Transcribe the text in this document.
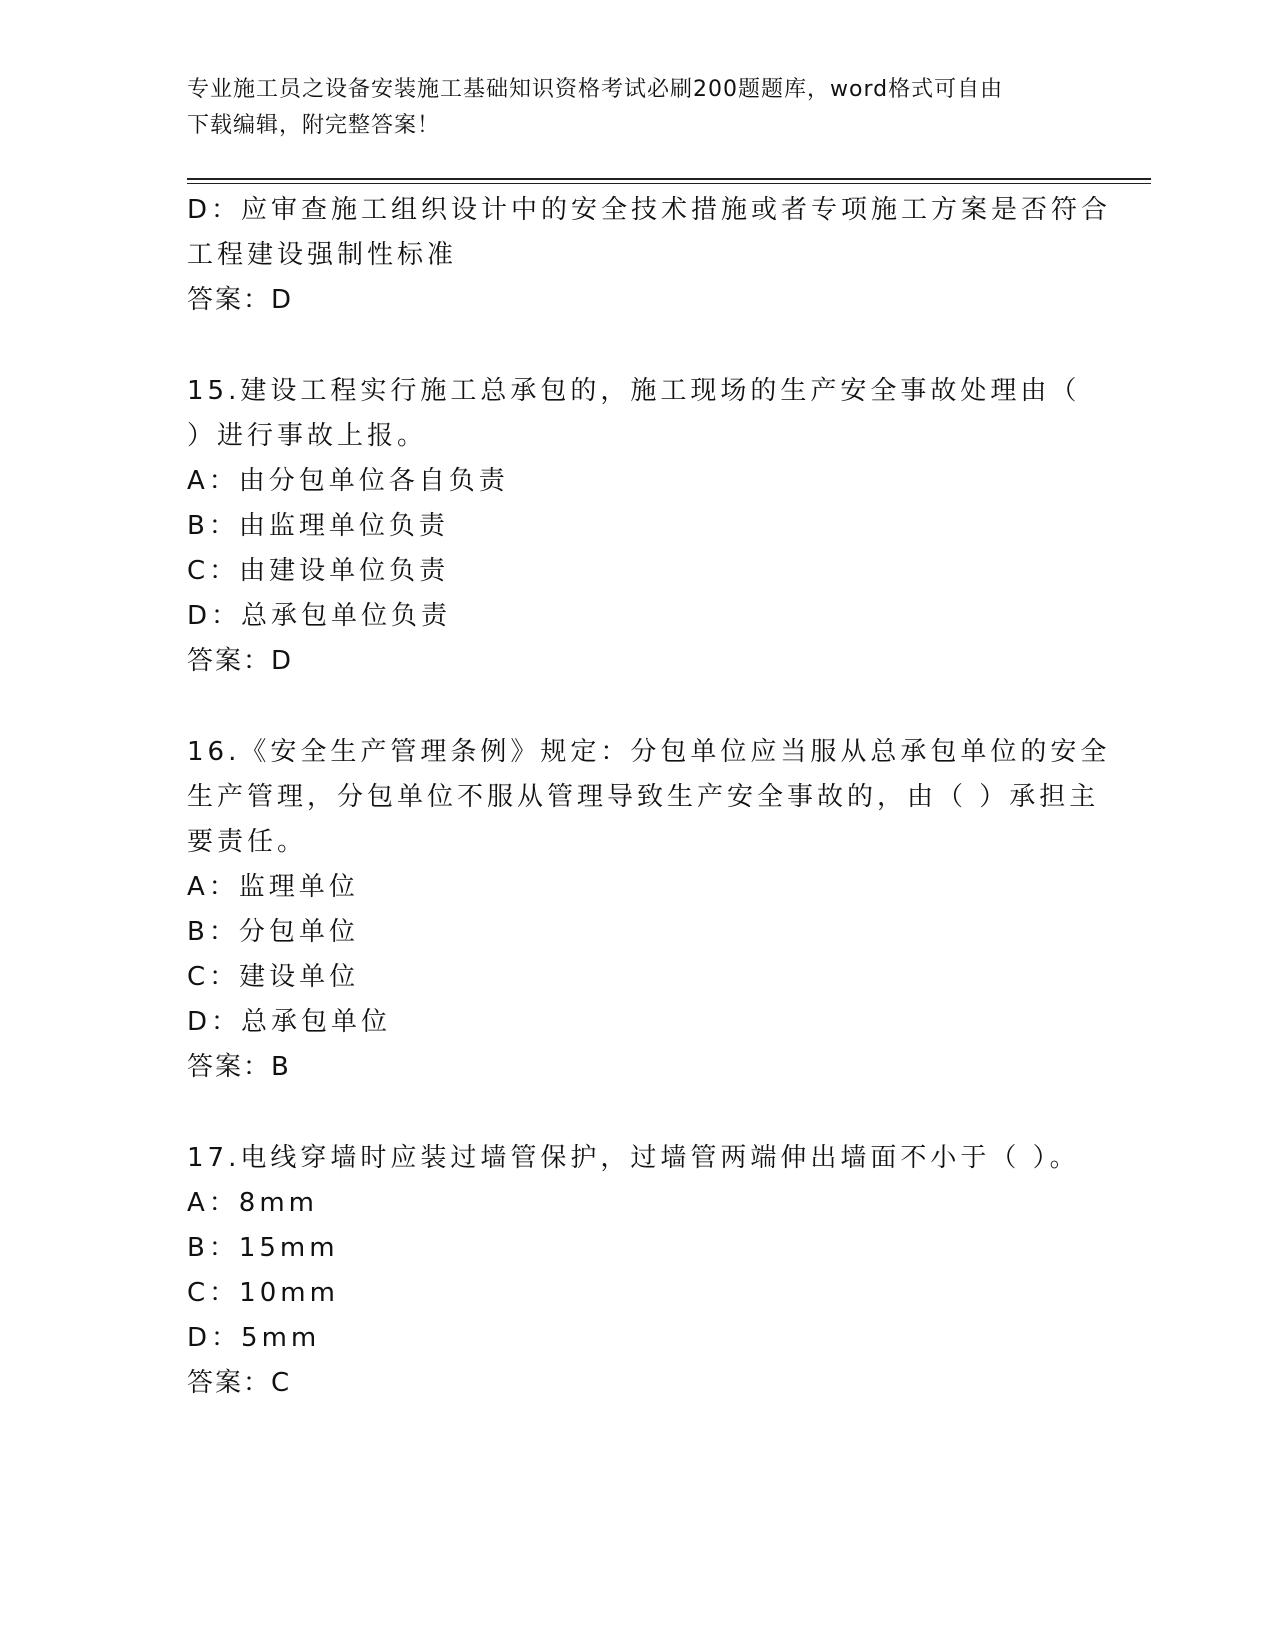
专业施工员之设备安装施工基础知识资格考试必刷200题题库，word格式可自由
下载编辑，附完整答案！
D：应审查施工组织设计中的安全技术措施或者专项施工方案是否符合
工程建设强制性标准
答案：D
15.建设工程实行施工总承包的，施工现场的生产安全事故处理由（
）进行事故上报。
A：由分包单位各自负责
B：由监理单位负责
C：由建设单位负责
D：总承包单位负责
答案：D
16.《安全生产管理条例》规定：分包单位应当服从总承包单位的安全
生产管理，分包单位不服从管理导致生产安全事故的，由（ ）承担主
要责任。
A：监理单位
B：分包单位
C：建设单位
D：总承包单位
答案：B
17.电线穿墙时应装过墙管保护，过墙管两端伸出墙面不小于（ ）。
A：8mm
B：15mm
C：10mm
D：5mm
答案：C
